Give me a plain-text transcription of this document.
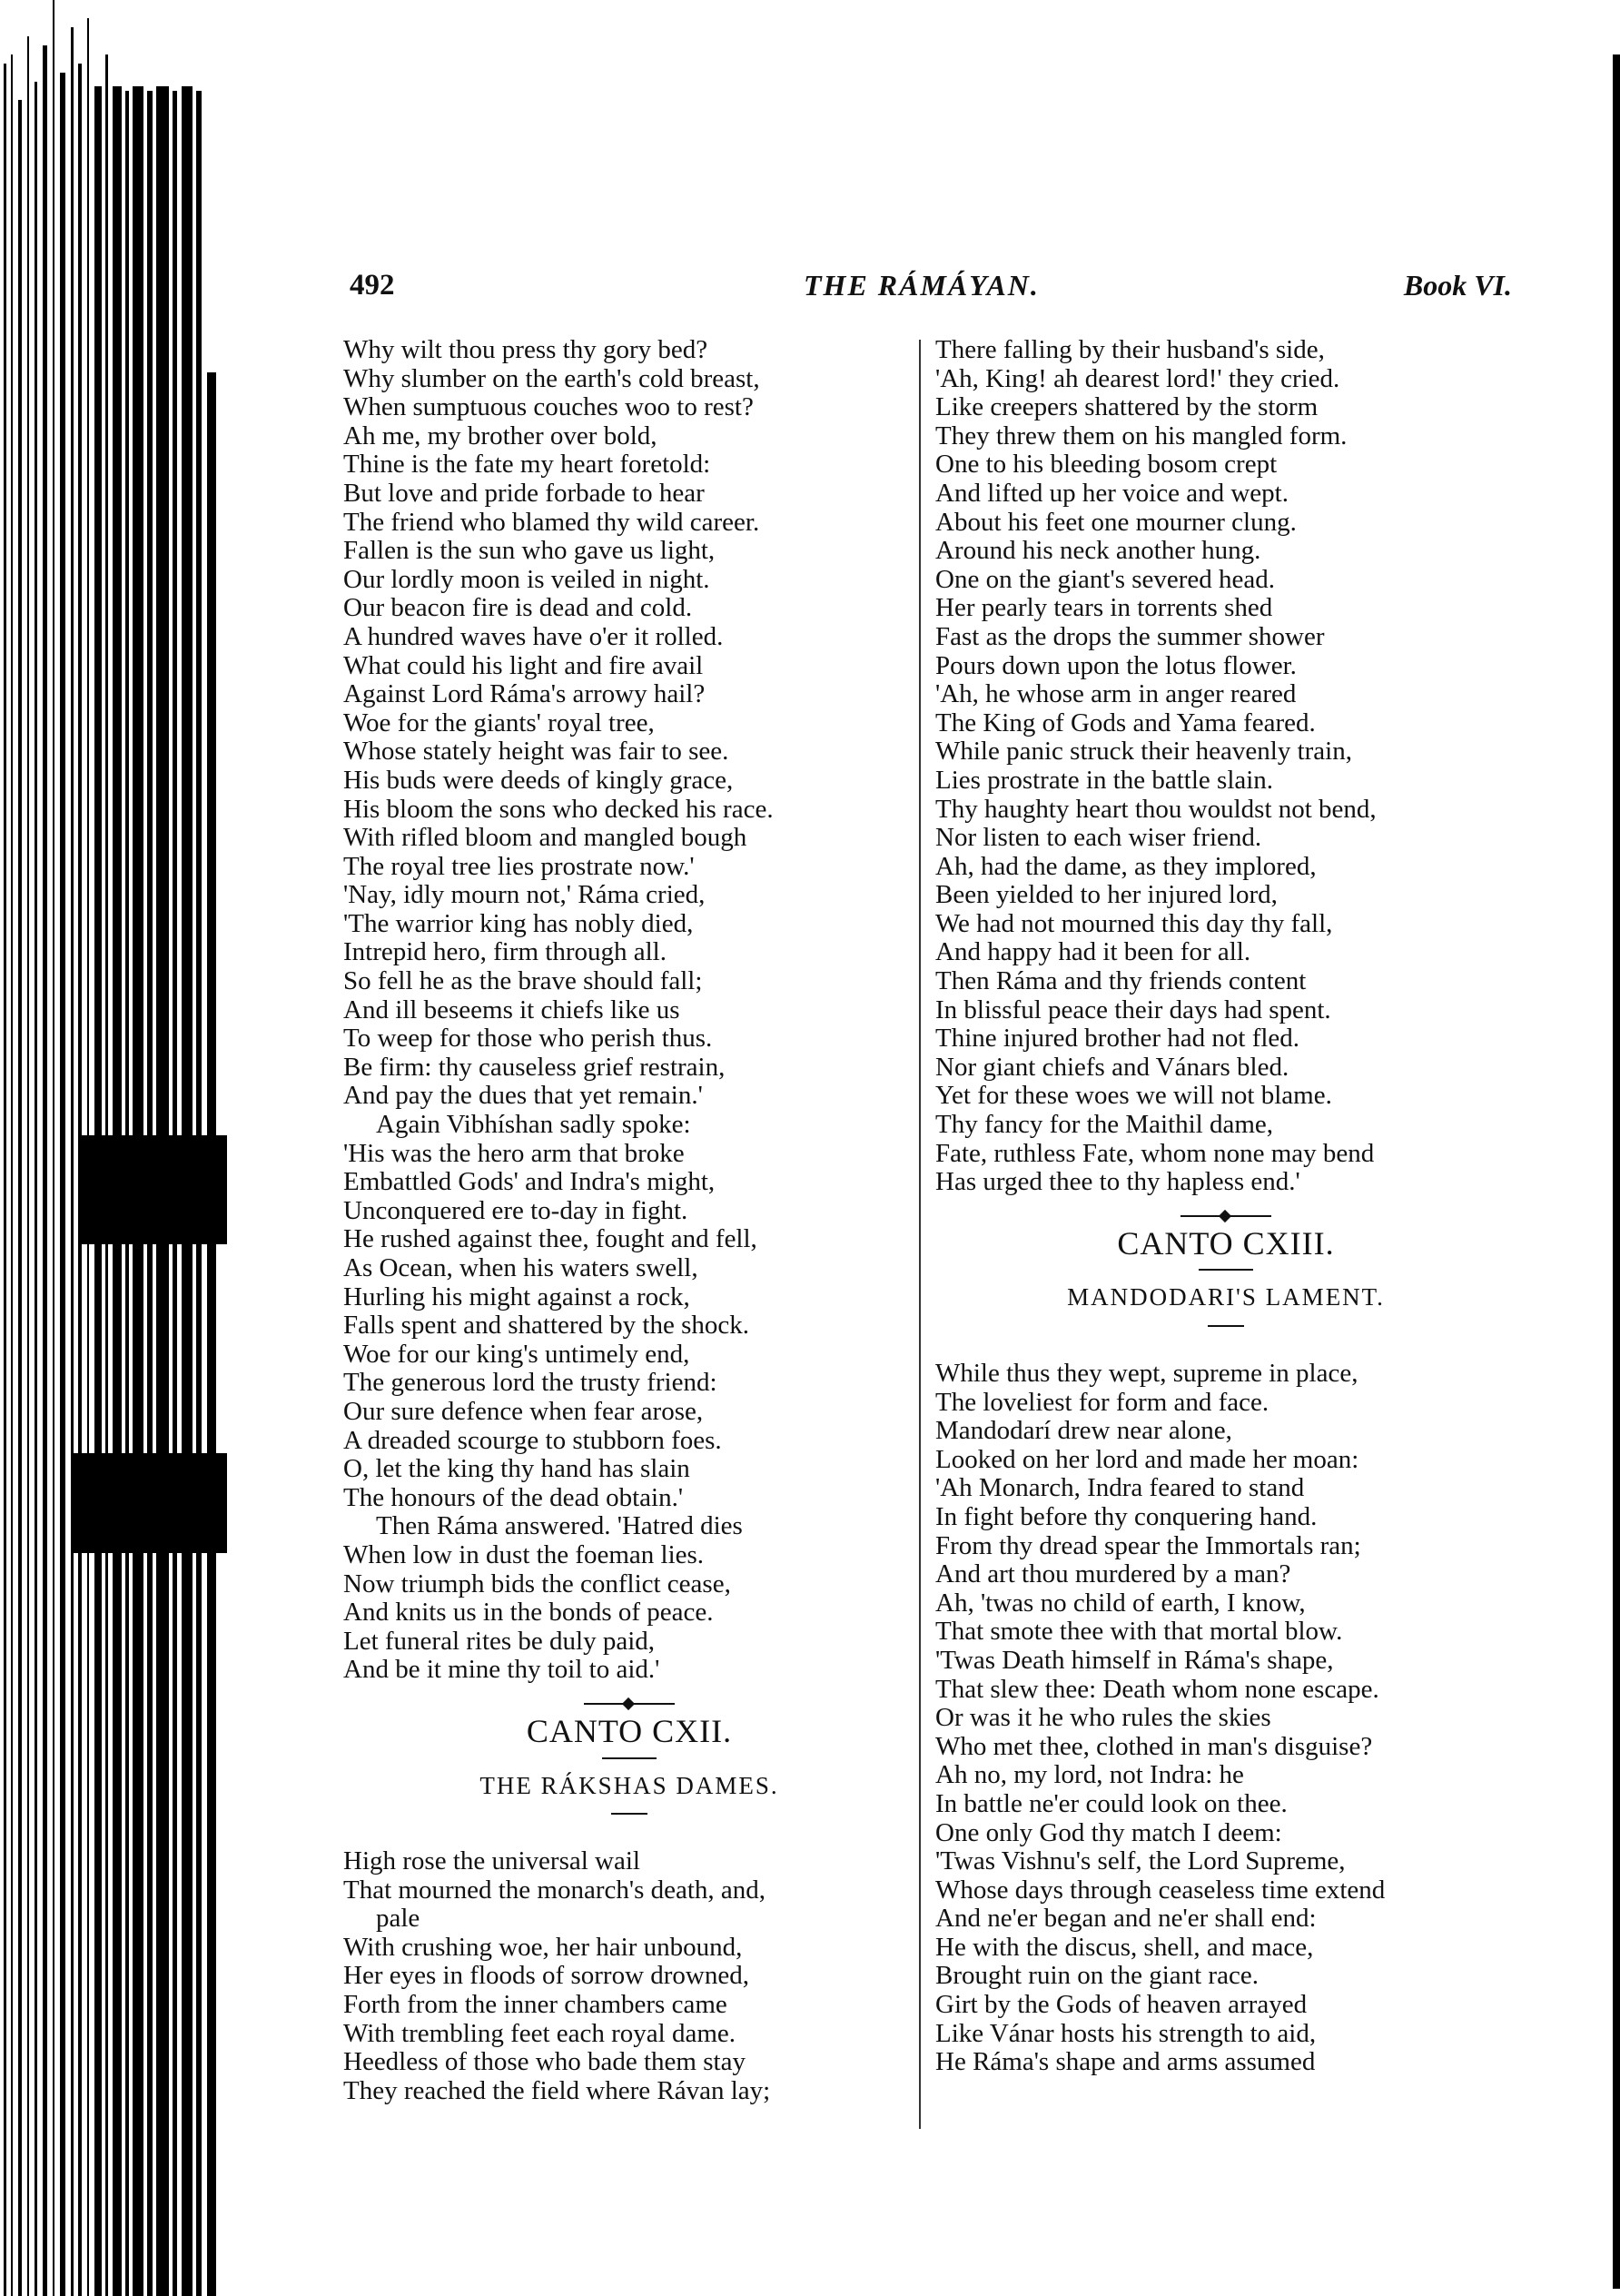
492	THE RÁMÁYAN.	Book VI.
Why wilt thou press thy gory bed?
Why slumber on the earth's cold breast,
When sumptuous couches woo to rest?
Ah me, my brother over bold,
Thine is the fate my heart foretold:
But love and pride forbade to hear
The friend who blamed thy wild career.
Fallen is the sun who gave us light,
Our lordly moon is veiled in night.
Our beacon fire is dead and cold.
A hundred waves have o'er it rolled.
What could his light and fire avail
Against Lord Ráma's arrowy hail?
Woe for the giants' royal tree,
Whose stately height was fair to see.
His buds were deeds of kingly grace,
His bloom the sons who decked his race.
With rifled bloom and mangled bough
The royal tree lies prostrate now.'
'Nay, idly mourn not,' Ráma cried,
'The warrior king has nobly died,
Intrepid hero, firm through all.
So fell he as the brave should fall;
And ill beseems it chiefs like us
To weep for those who perish thus.
Be firm: thy causeless grief restrain,
And pay the dues that yet remain.'
Again Vibhíshan sadly spoke:
'His was the hero arm that broke
Embattled Gods' and Indra's might,
Unconquered ere to-day in fight.
He rushed against thee, fought and fell,
As Ocean, when his waters swell,
Hurling his might against a rock,
Falls spent and shattered by the shock.
Woe for our king's untimely end,
The generous lord the trusty friend:
Our sure defence when fear arose,
A dreaded scourge to stubborn foes.
O, let the king thy hand has slain
The honours of the dead obtain.'
Then Ráma answered. 'Hatred dies
When low in dust the foeman lies.
Now triumph bids the conflict cease,
And knits us in the bonds of peace.
Let funeral rites be duly paid,
And be it mine thy toil to aid.'
CANTO CXII.
THE RÁKSHAS DAMES.
High rose the universal wail
That mourned the monarch's death, and,
pale
With crushing woe, her hair unbound,
Her eyes in floods of sorrow drowned,
Forth from the inner chambers came
With trembling feet each royal dame.
Heedless of those who bade them stay
They reached the field where Rávan lay;
There falling by their husband's side,
'Ah, King! ah dearest lord!' they cried.
Like creepers shattered by the storm
They threw them on his mangled form.
One to his bleeding bosom crept
And lifted up her voice and wept.
About his feet one mourner clung.
Around his neck another hung.
One on the giant's severed head.
Her pearly tears in torrents shed
Fast as the drops the summer shower
Pours down upon the lotus flower.
'Ah, he whose arm in anger reared
The King of Gods and Yama feared.
While panic struck their heavenly train,
Lies prostrate in the battle slain.
Thy haughty heart thou wouldst not bend,
Nor listen to each wiser friend.
Ah, had the dame, as they implored,
Been yielded to her injured lord,
We had not mourned this day thy fall,
And happy had it been for all.
Then Ráma and thy friends content
In blissful peace their days had spent.
Thine injured brother had not fled.
Nor giant chiefs and Vánars bled.
Yet for these woes we will not blame.
Thy fancy for the Maithil dame,
Fate, ruthless Fate, whom none may bend
Has urged thee to thy hapless end.'
CANTO CXIII.
MANDODARI'S LAMENT.
While thus they wept, supreme in place,
The loveliest for form and face.
Mandodarí drew near alone,
Looked on her lord and made her moan:
'Ah Monarch, Indra feared to stand
In fight before thy conquering hand.
From thy dread spear the Immortals ran;
And art thou murdered by a man?
Ah, 'twas no child of earth, I know,
That smote thee with that mortal blow.
'Twas Death himself in Ráma's shape,
That slew thee: Death whom none escape.
Or was it he who rules the skies
Who met thee, clothed in man's disguise?
Ah no, my lord, not Indra: he
In battle ne'er could look on thee.
One only God thy match I deem:
'Twas Vishnu's self, the Lord Supreme,
Whose days through ceaseless time extend
And ne'er began and ne'er shall end:
He with the discus, shell, and mace,
Brought ruin on the giant race.
Girt by the Gods of heaven arrayed
Like Vánar hosts his strength to aid,
He Ráma's shape and arms assumed
